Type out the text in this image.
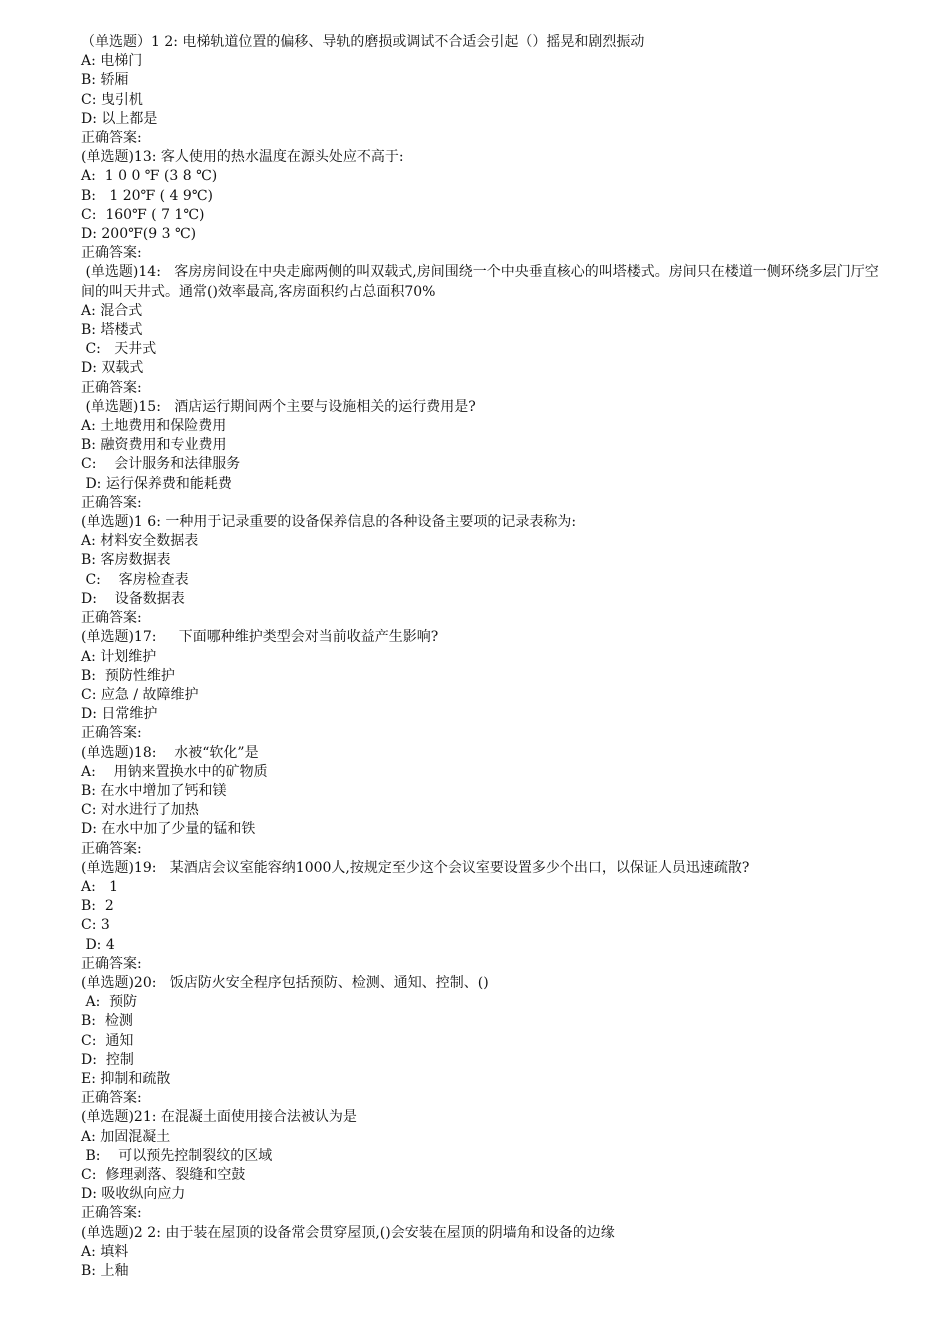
（单选题）1 2: 电梯轨道位置的偏移、导轨的磨损或调试不合适会引起（）摇晃和剧烈振动

A: 电梯门

B: 轿厢

C: 曳引机

D: 以上都是

正确答案:

(单选题)13: 客人使用的热水温度在源头处应不高于:

A:  1 0 0 ℉ (3 8 ℃)

B:   1 20℉ ( 4 9℃)

C:  160℉ ( 7 1℃)

D: 200℉(9 3 ℃)

正确答案:

(单选题)14:   客房房间设在中央走廊两侧的叫双载式,房间围绕一个中央垂直核心的叫塔楼式。房间只在楼道一侧环绕多层门厅空间的叫天井式。通常()效率最高,客房面积约占总面积70%

A: 混合式

B: 塔楼式

C:   天井式

D: 双载式

正确答案:

(单选题)15:   酒店运行期间两个主要与设施相关的运行费用是?

A: 土地费用和保险费用

B: 融资费用和专业费用

C:    会计服务和法律服务

D: 运行保养费和能耗费

正确答案:

(单选题)1 6: 一种用于记录重要的设备保养信息的各种设备主要项的记录表称为:

A: 材料安全数据表

B: 客房数据表

C:    客房检查表

D:    设备数据表

正确答案:

(单选题)17:     下面哪种维护类型会对当前收益产生影响?

A: 计划维护

B:  预防性维护

C: 应急 / 故障维护

D: 日常维护

正确答案:

(单选题)18:    水被“软化”是

A:    用钠来置换水中的矿物质

B: 在水中增加了钙和镁

C: 对水进行了加热

D: 在水中加了少量的锰和铁

正确答案:

(单选题)19:   某酒店会议室能容纳1000人,按规定至少这个会议室要设置多少个出口，以保证人员迅速疏散?

A:   1

B:  2

C: 3

D: 4

正确答案:

(单选题)20:   饭店防火安全程序包括预防、检测、通知、控制、()

A:  预防

B:  检测

C:  通知

D:  控制

E: 抑制和疏散

正确答案:

(单选题)21: 在混凝土面使用接合法被认为是

A: 加固混凝土

B:    可以预先控制裂纹的区域

C:  修理剥落、裂缝和空鼓

D: 吸收纵向应力

正确答案:

(单选题)2 2: 由于装在屋顶的设备常会贯穿屋顶,()会安装在屋顶的阴墙角和设备的边缘

A: 填料

B: 上釉
